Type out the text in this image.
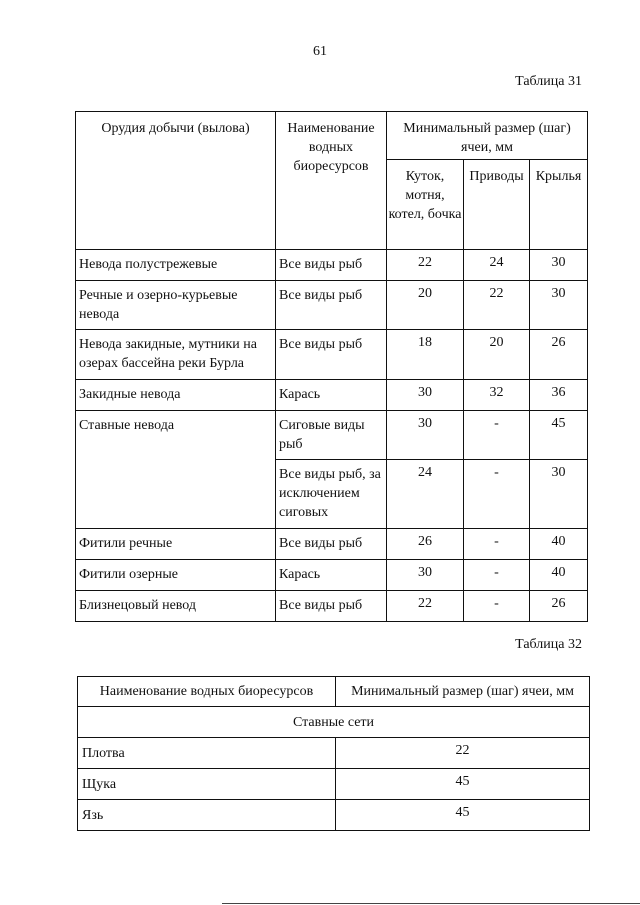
61
Таблица 31
Орудия добычи (вылова)	Наименование водных биоресурсов	Минимальный размер (шаг) ячеи, мм		
		Куток, мотня, котел, бочка	Приводы	Крылья
Невода полустрежевые	Все виды рыб	22	24	30
Речные и озерно-курьевые невода	Все виды рыб	20	22	30
Невода закидные, мутники на озерах бассейна реки Бурла	Все виды рыб	18	20	26
Закидные невода	Карась	30	32	36
Ставные невода	Сиговые виды рыб	30	-	45
	Все виды рыб, за исключением сиговых	24	-	30
Фитили речные	Все виды рыб	26	-	40
Фитили озерные	Карась	30	-	40
Близнецовый невод	Все виды рыб	22	-	26
Таблица 32
Наименование водных биоресурсов	Минимальный размер (шаг) ячеи, мм
Ставные сети	
Плотва	22
Щука	45
Язь	45
